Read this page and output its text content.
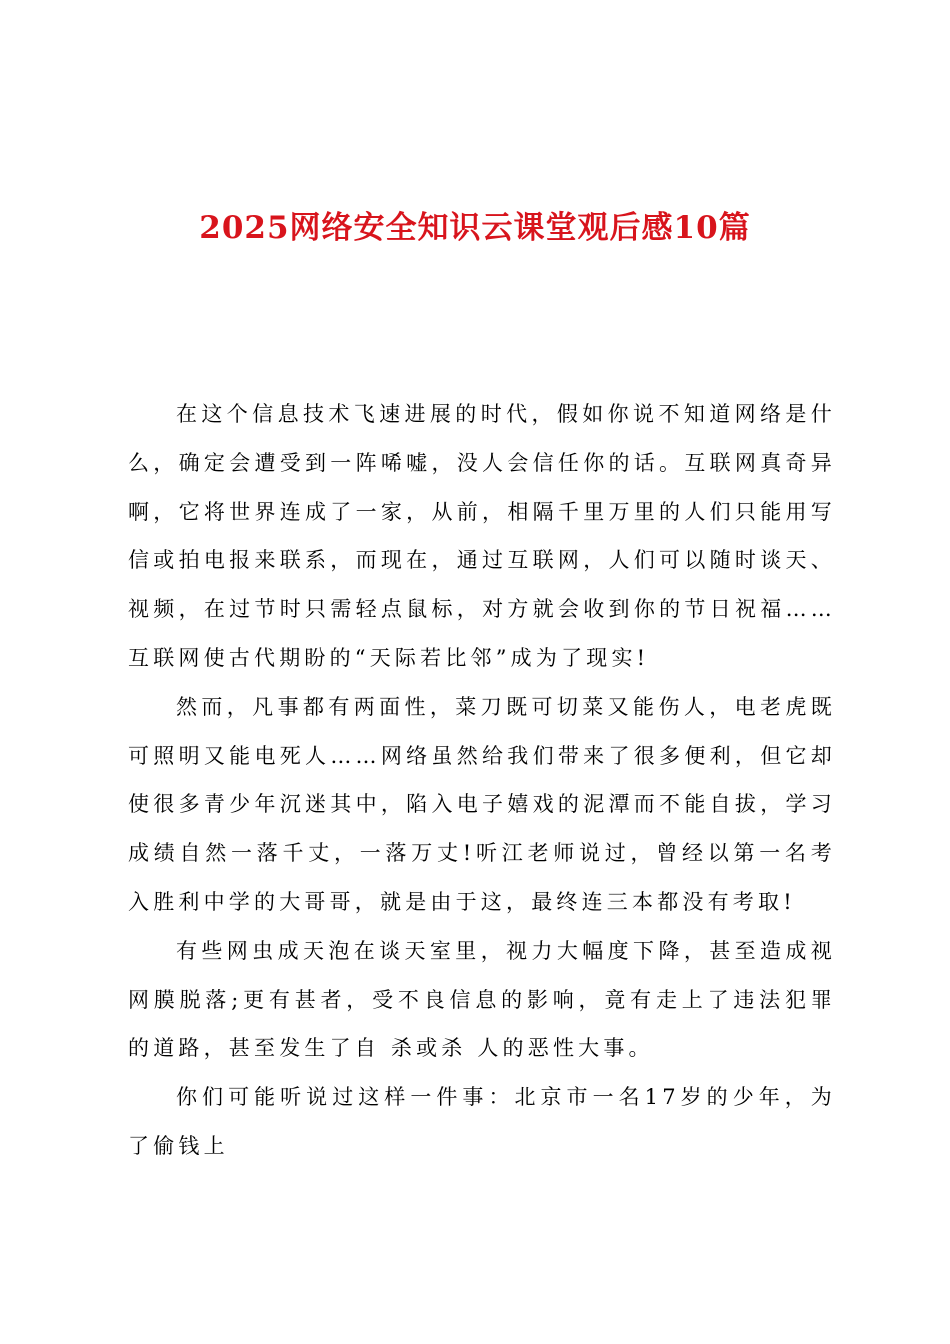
2025网络安全知识云课堂观后感10篇

在这个信息技术飞速进展的时代，假如你说不知道网络是什么，确定会遭受到一阵唏嘘，没人会信任你的话。互联网真奇异啊，它将世界连成了一家，从前，相隔千里万里的人们只能用写信或拍电报来联系，而现在，通过互联网，人们可以随时谈天、视频，在过节时只需轻点鼠标，对方就会收到你的节日祝福……互联网使古代期盼的“天际若比邻”成为了现实!

然而，凡事都有两面性，菜刀既可切菜又能伤人，电老虎既可照明又能电死人……网络虽然给我们带来了很多便利，但它却使很多青少年沉迷其中，陷入电子嬉戏的泥潭而不能自拔，学习成绩自然一落千丈，一落万丈!听江老师说过，曾经以第一名考入胜利中学的大哥哥，就是由于这，最终连三本都没有考取!

有些网虫成天泡在谈天室里，视力大幅度下降，甚至造成视网膜脱落;更有甚者，受不良信息的影响，竟有走上了违法犯罪的道路，甚至发生了自 杀或杀 人的恶性大事。

你们可能听说过这样一件事：北京市一名17岁的少年，为了偷钱上
